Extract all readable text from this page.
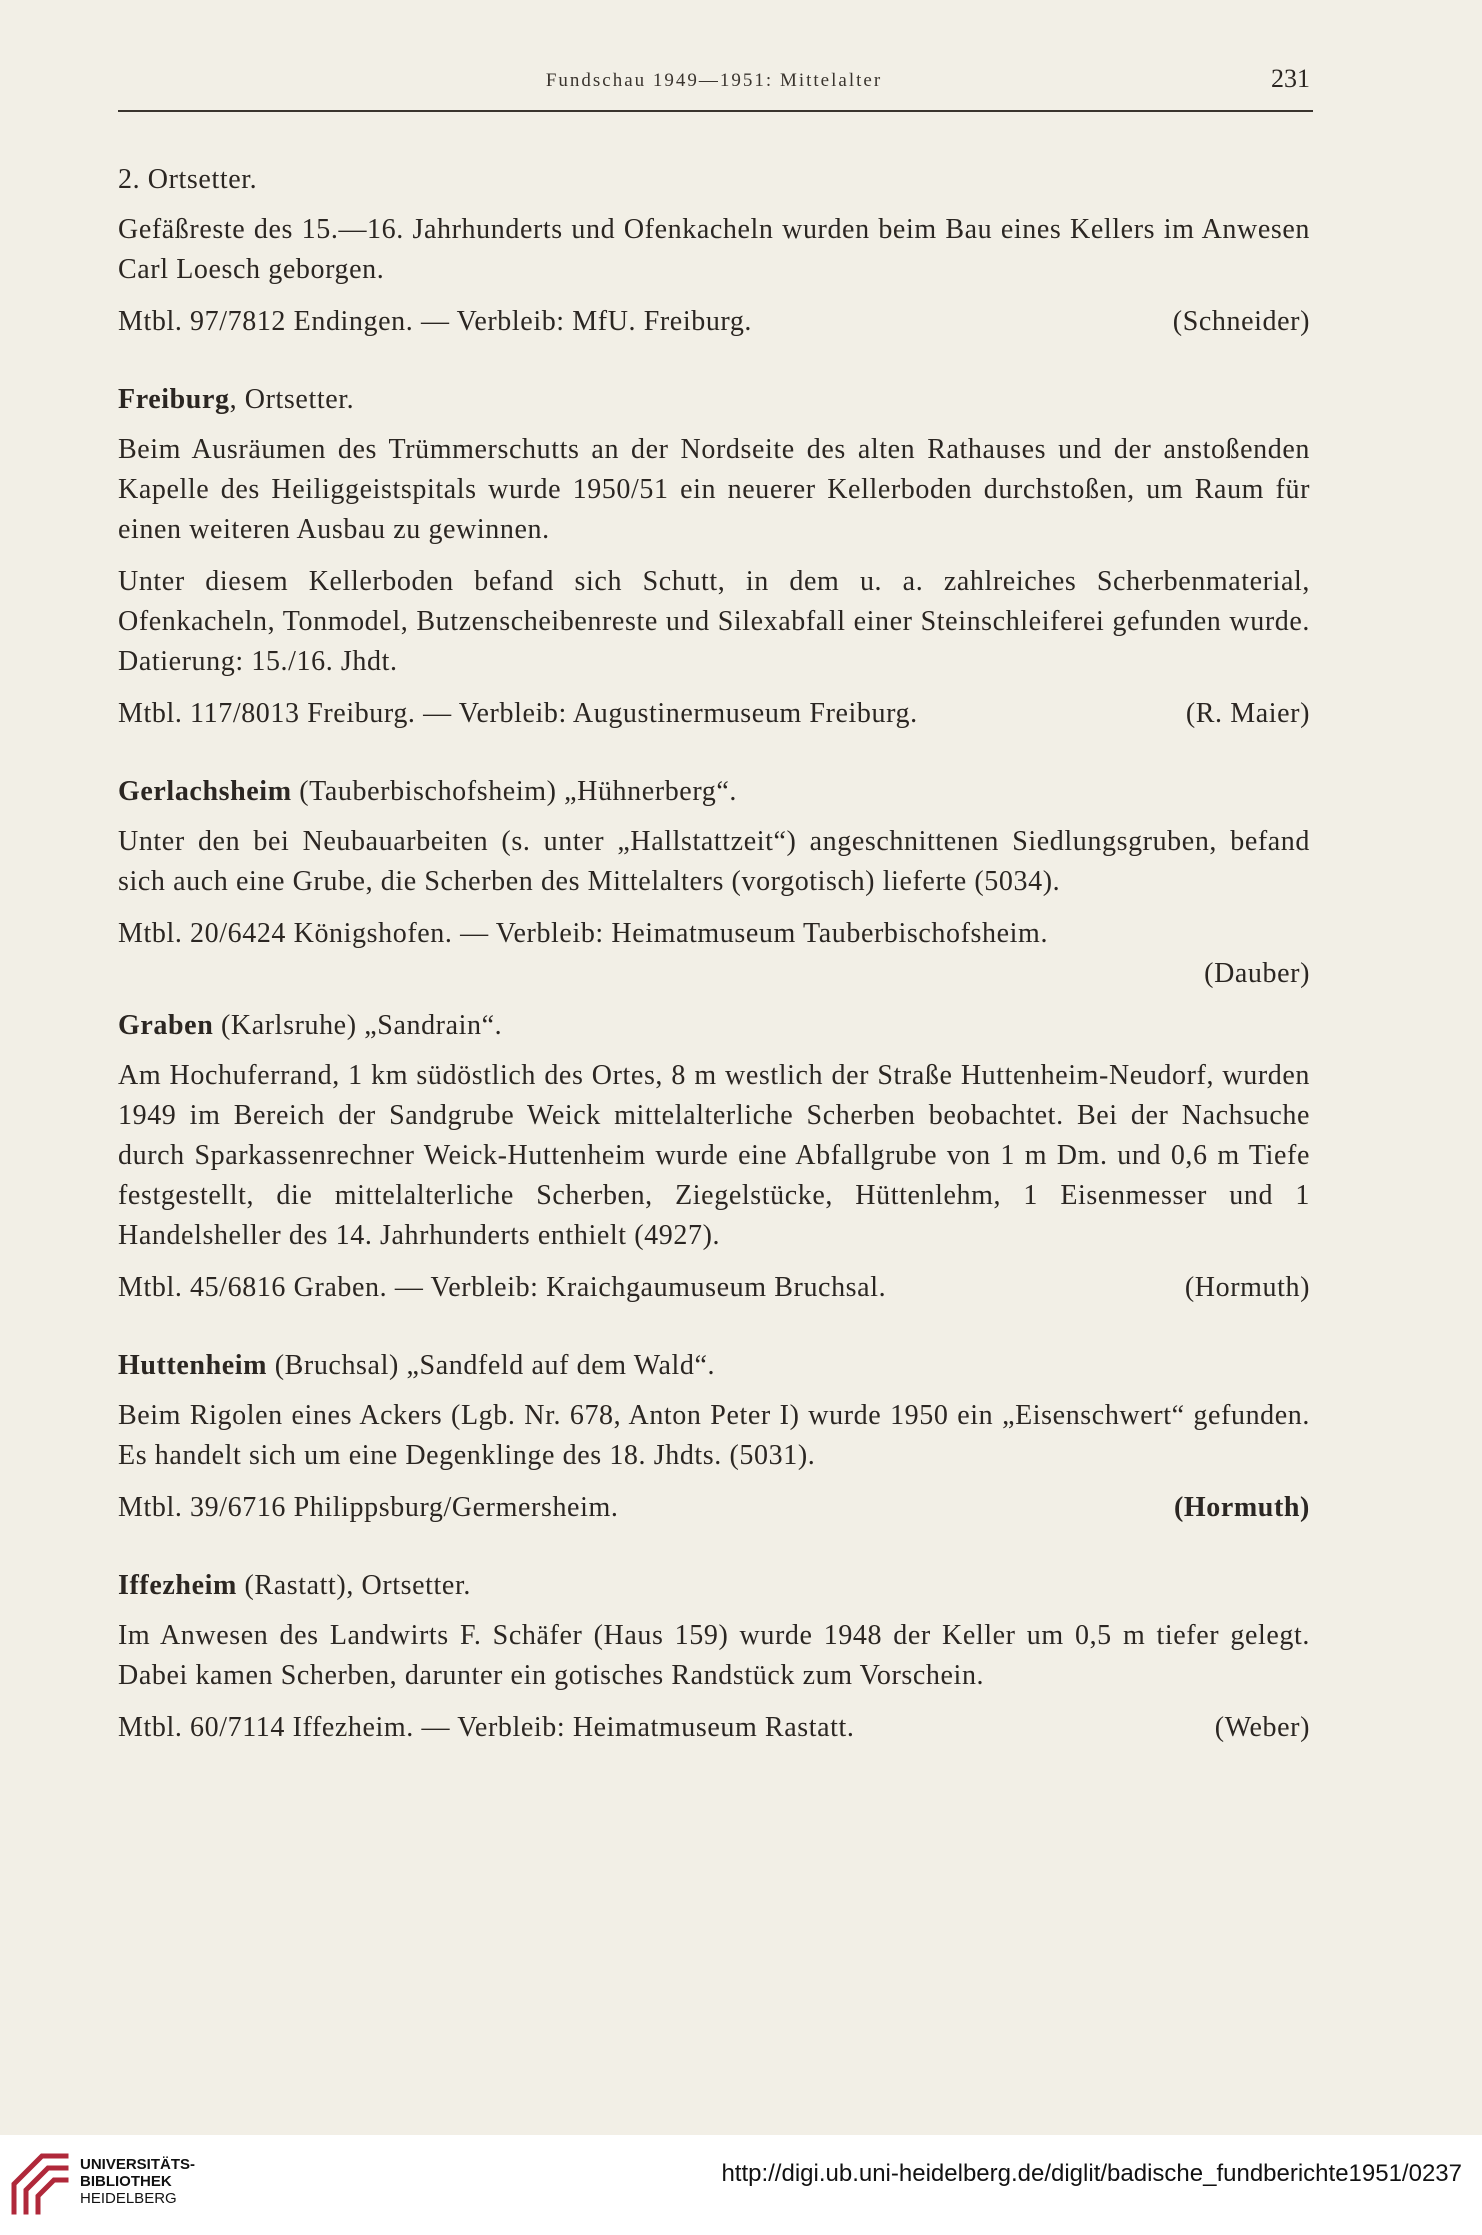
Fundschau 1949—1951: Mittelalter	231
2. Ortsetter.

Gefäßreste des 15.—16. Jahrhunderts und Ofenkacheln wurden beim Bau eines Kellers im Anwesen Carl Loesch geborgen.

Mtbl. 97/7812 Endingen. — Verbleib: MfU. Freiburg.	(Schneider)
Freiburg, Ortsetter.

Beim Ausräumen des Trümmerschutts an der Nordseite des alten Rathauses und der anstoßenden Kapelle des Heiliggeistspitals wurde 1950/51 ein neuerer Kellerboden durchstoßen, um Raum für einen weiteren Ausbau zu gewinnen.

Unter diesem Kellerboden befand sich Schutt, in dem u. a. zahlreiches Scherbenmaterial, Ofenkacheln, Tonmodel, Butzenscheibenreste und Silexabfall einer Steinschleiferei gefunden wurde. Datierung: 15./16. Jhdt.

Mtbl. 117/8013 Freiburg. — Verbleib: Augustinermuseum Freiburg.	(R. Maier)
Gerlachsheim (Tauberbischofsheim) „Hühnerberg“.

Unter den bei Neubauarbeiten (s. unter „Hallstattzeit“) angeschnittenen Siedlungsgruben, befand sich auch eine Grube, die Scherben des Mittelalters (vorgotisch) lieferte (5034).

Mtbl. 20/6424 Königshofen. — Verbleib: Heimatmuseum Tauberbischofsheim.
(Dauber)
Graben (Karlsruhe) „Sandrain“.

Am Hochuferrand, 1 km südöstlich des Ortes, 8 m westlich der Straße Huttenheim-Neudorf, wurden 1949 im Bereich der Sandgrube Weick mittelalterliche Scherben beobachtet. Bei der Nachsuche durch Sparkassenrechner Weick-Huttenheim wurde eine Abfallgrube von 1 m Dm. und 0,6 m Tiefe festgestellt, die mittelalterliche Scherben, Ziegelstücke, Hüttenlehm, 1 Eisenmesser und 1 Handelsheller des 14. Jahrhunderts enthielt (4927).

Mtbl. 45/6816 Graben. — Verbleib: Kraichgaumuseum Bruchsal.	(Hormuth)
Huttenheim (Bruchsal) „Sandfeld auf dem Wald“.

Beim Rigolen eines Ackers (Lgb. Nr. 678, Anton Peter I) wurde 1950 ein „Eisenschwert“ gefunden. Es handelt sich um eine Degenklinge des 18. Jhdts. (5031).

Mtbl. 39/6716 Philippsburg/Germersheim.	(Hormuth)
Iffezheim (Rastatt), Ortsetter.

Im Anwesen des Landwirts F. Schäfer (Haus 159) wurde 1948 der Keller um 0,5 m tiefer gelegt. Dabei kamen Scherben, darunter ein gotisches Randstück zum Vorschein.

Mtbl. 60/7114 Iffezheim. — Verbleib: Heimatmuseum Rastatt.	(Weber)
UNIVERSITÄTS-
BIBLIOTHEK
HEIDELBERG
http://digi.ub.uni-heidelberg.de/diglit/badische_fundberichte1951/0237
